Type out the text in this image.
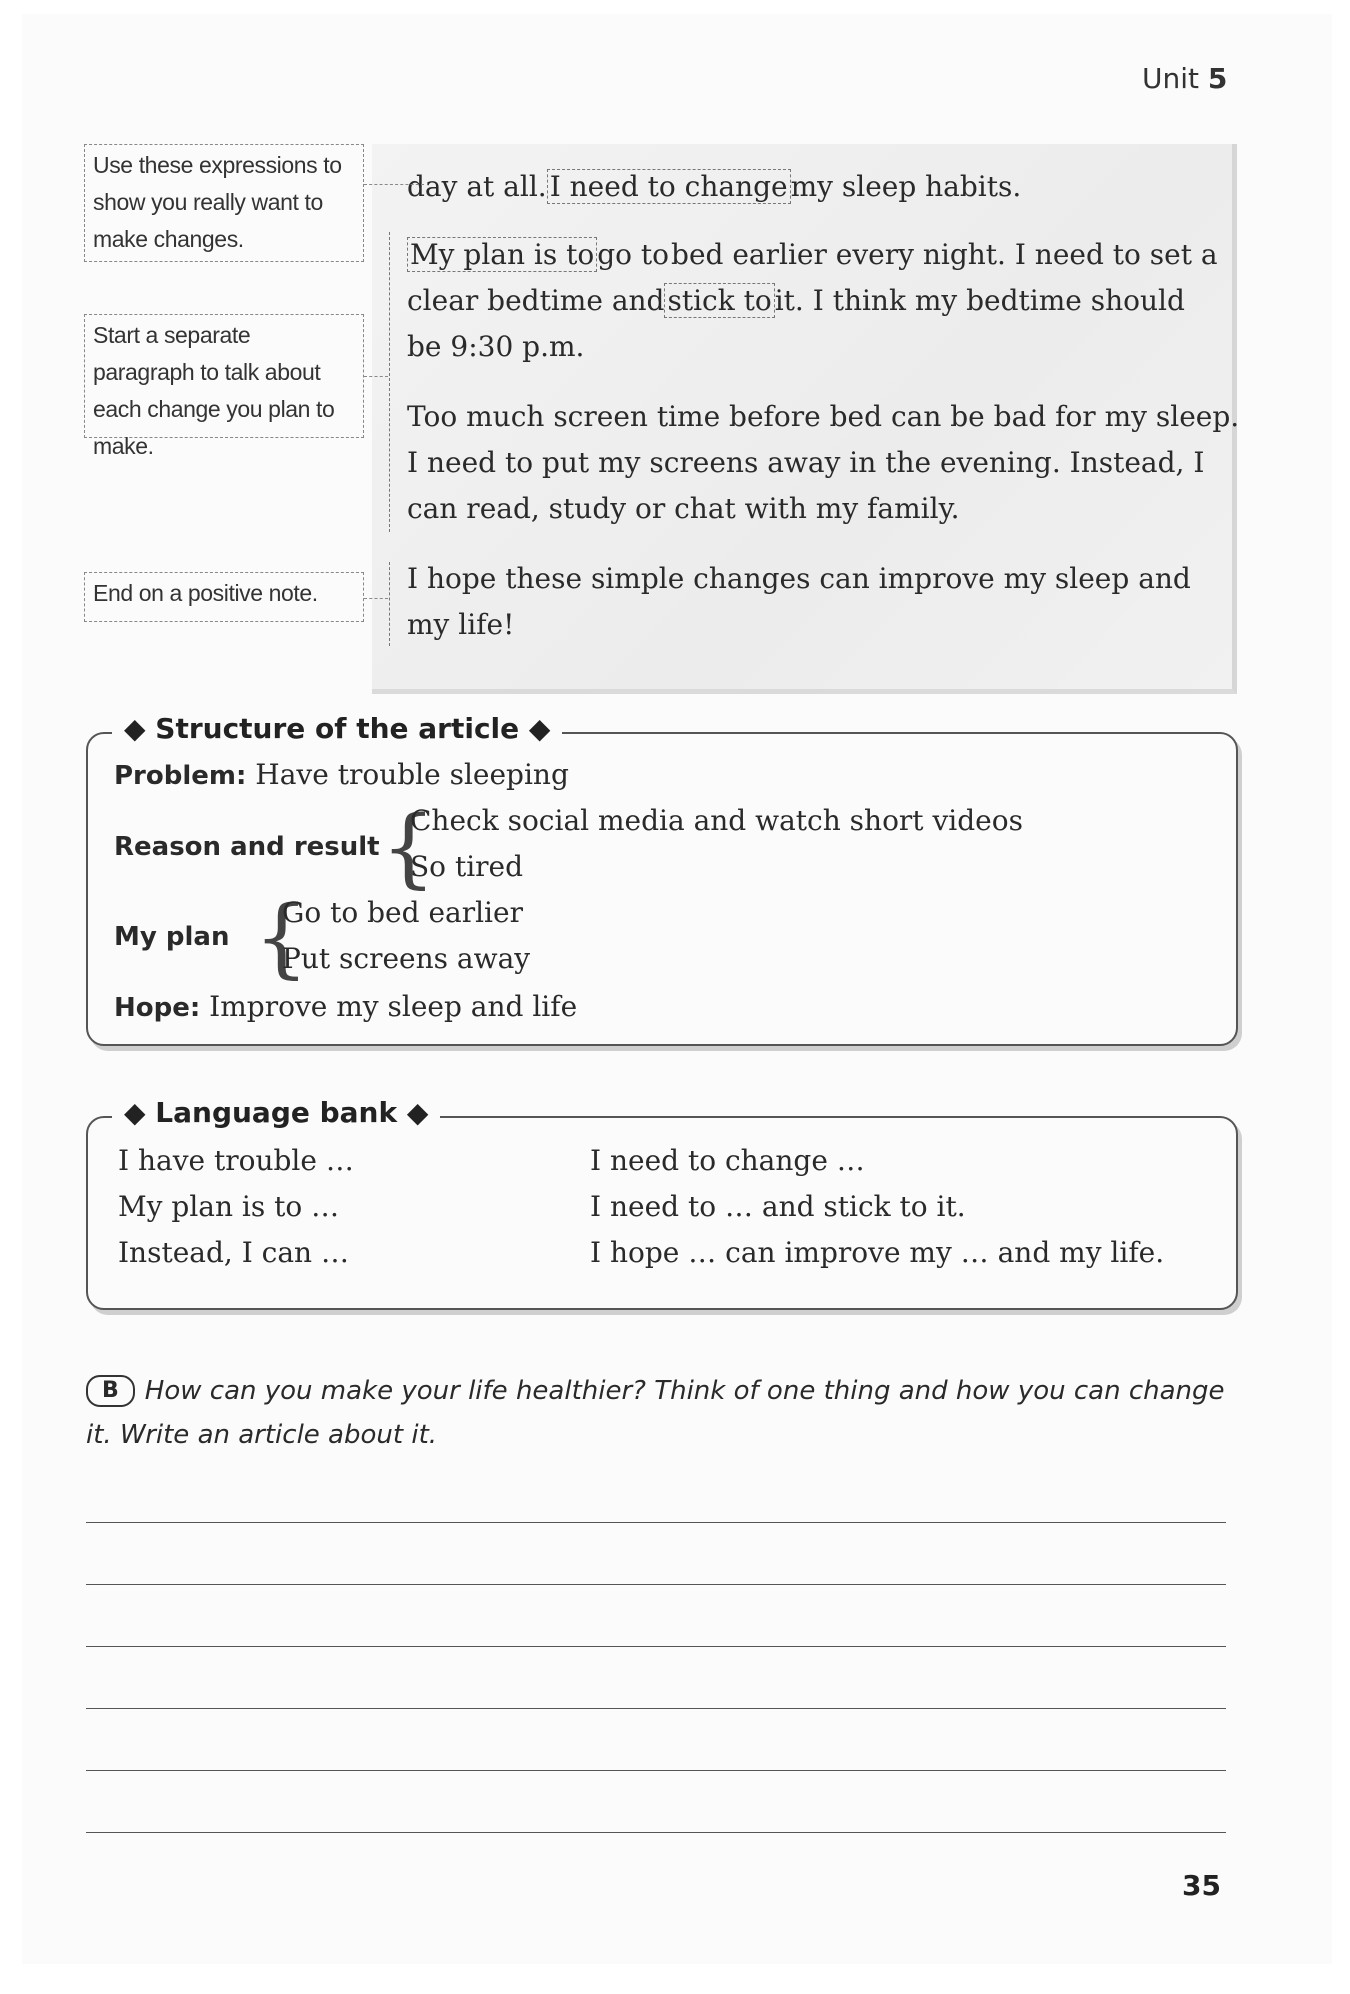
Unit 5
day at all. I need to change my sleep habits.
My plan is to go tobed earlier every night. I need to set a
clear bedtime and stick to it. I think my bedtime should
be 9:30 p.m.
Too much screen time before bed can be bad for my sleep.
I need to put my screens away in the evening. Instead, I
can read, study or chat with my family.
I hope these simple changes can improve my sleep and
my life!
Use these expressions to show you really want to make changes.
Start a separate paragraph to talk about each change you plan to make.
End on a positive note.
◆ Structure of the article ◆
Problem: Have trouble sleeping
Reason and result {
Check social media and watch short videos
So tired
My plan {
Go to bed earlier
Put screens away
Hope: Improve my sleep and life
◆ Language bank ◆
I have trouble …
My plan is to …
Instead, I can …
I need to change …
I need to … and stick to it.
I hope … can improve my … and my life.
B How can you make your life healthier? Think of one thing and how you can change it. Write an article about it.
35
